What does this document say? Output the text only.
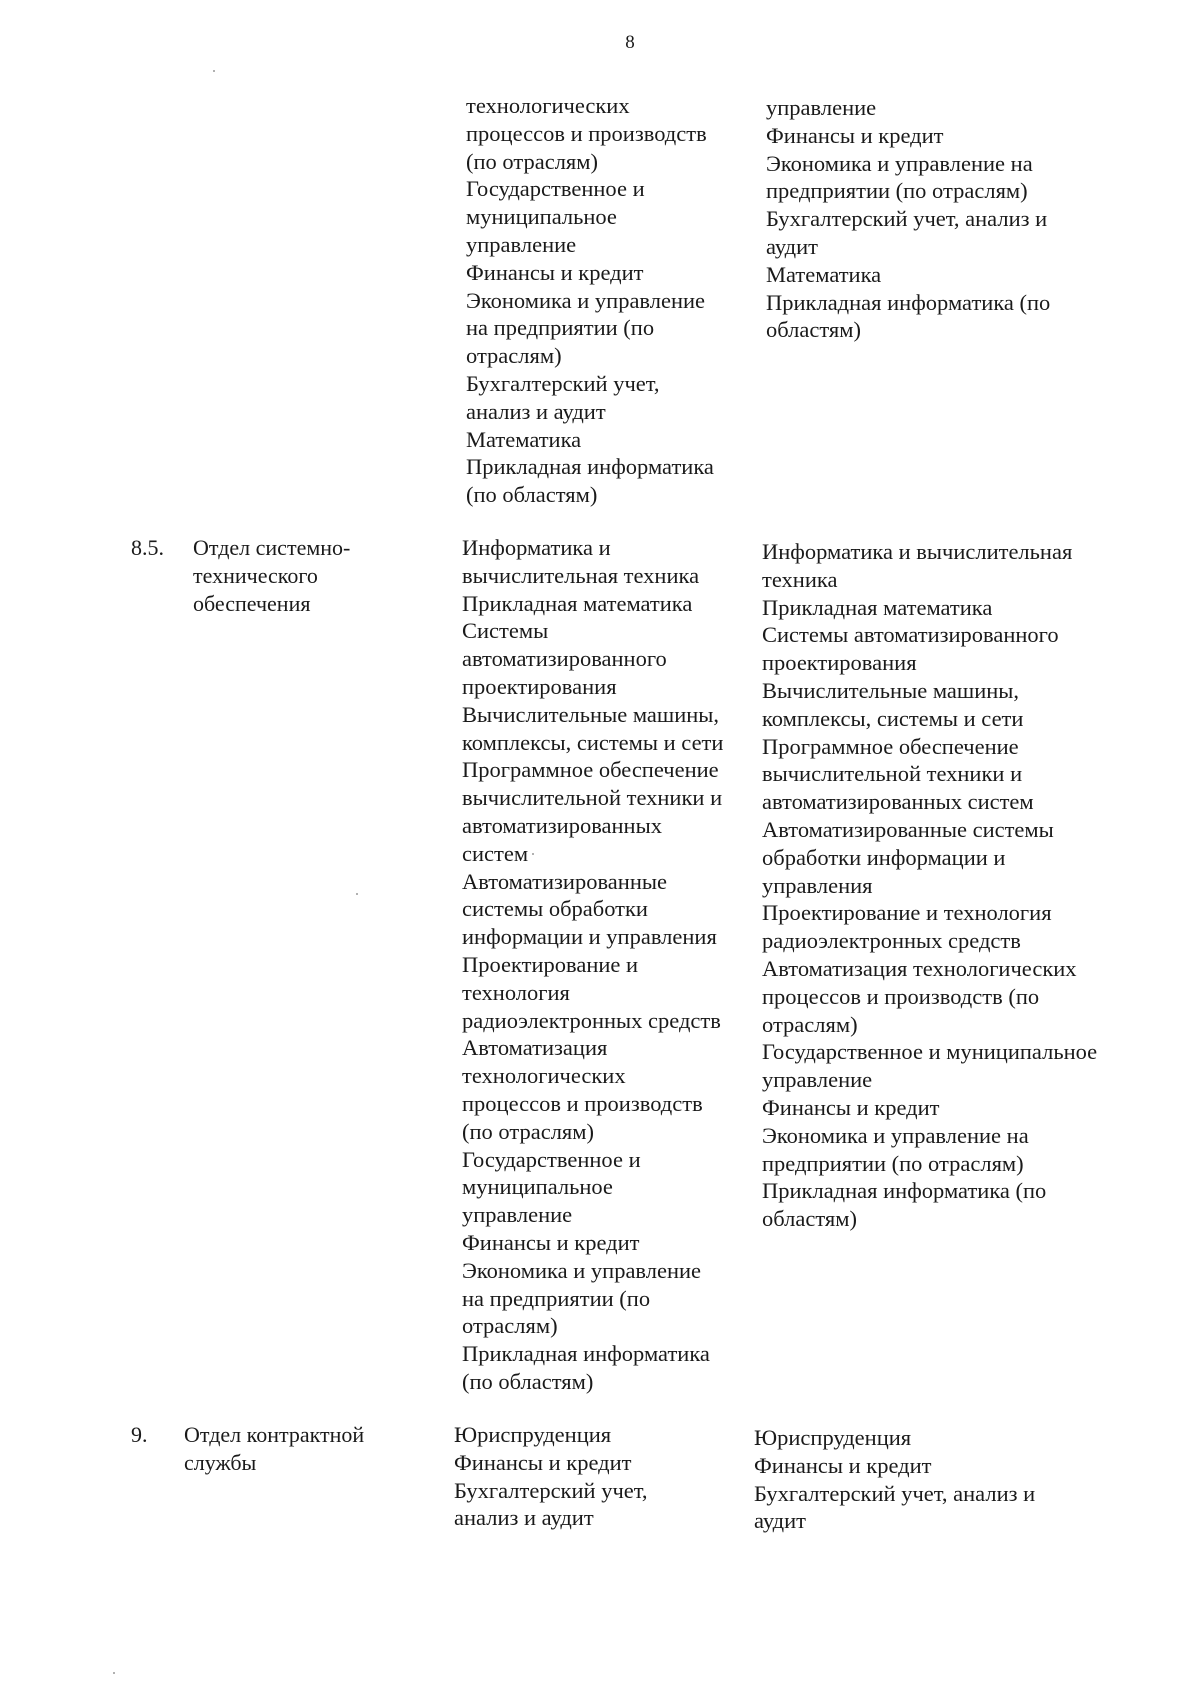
8
технологических
процессов и производств
(по отраслям)
Государственное и
муниципальное
управление
Финансы и кредит
Экономика и управление
на предприятии (по
отраслям)
Бухгалтерский учет,
анализ и аудит
Математика
Прикладная информатика
(по областям)
управление
Финансы и кредит
Экономика и управление на
предприятии (по отраслям)
Бухгалтерский учет, анализ и
аудит
Математика
Прикладная информатика (по
областям)
8.5. Отдел системно-
технического
обеспечения
Информатика и
вычислительная техника
Прикладная математика
Системы
автоматизированного
проектирования
Вычислительные машины,
комплексы, системы и сети
Программное обеспечение
вычислительной техники и
автоматизированных
систем
Автоматизированные
системы обработки
информации и управления
Проектирование и
технология
радиоэлектронных средств
Автоматизация
технологических
процессов и производств
(по отраслям)
Государственное и
муниципальное
управление
Финансы и кредит
Экономика и управление
на предприятии (по
отраслям)
Прикладная информатика
(по областям)
Информатика и вычислительная
техника
Прикладная математика
Системы автоматизированного
проектирования
Вычислительные машины,
комплексы, системы и сети
Программное обеспечение
вычислительной техники и
автоматизированных систем
Автоматизированные системы
обработки информации и
управления
Проектирование и технология
радиоэлектронных средств
Автоматизация технологических
процессов и производств (по
отраслям)
Государственное и муниципальное
управление
Финансы и кредит
Экономика и управление на
предприятии (по отраслям)
Прикладная информатика (по
областям)
9. Отдел контрактной
службы
Юриспруденция
Финансы и кредит
Бухгалтерский учет,
анализ и аудит
Юриспруденция
Финансы и кредит
Бухгалтерский учет, анализ и
аудит
